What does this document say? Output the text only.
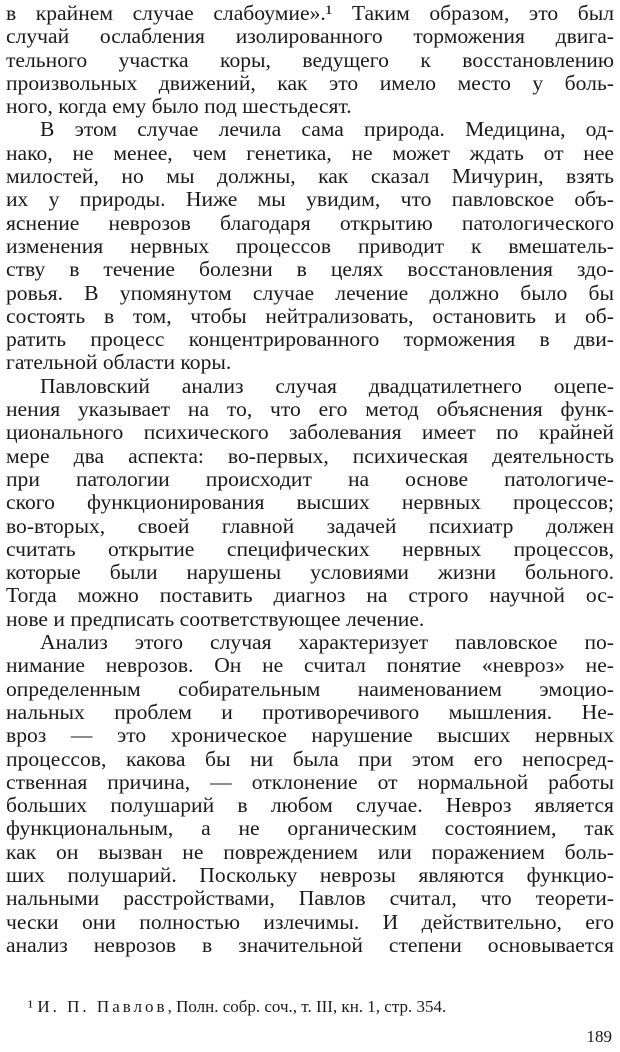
в крайнем случае слабоумие».¹ Таким образом, это был
случай ослабления изолированного торможения двига-
тельного участка коры, ведущего к восстановлению
произвольных движений, как это имело место у боль-
ного, когда ему было под шестьдесят.
В этом случае лечила сама природа. Медицина, од-
нако, не менее, чем генетика, не может ждать от нее
милостей, но мы должны, как сказал Мичурин, взять
их у природы. Ниже мы увидим, что павловское объ-
яснение неврозов благодаря открытию патологического
изменения нервных процессов приводит к вмешатель-
ству в течение болезни в целях восстановления здо-
ровья. В упомянутом случае лечение должно было бы
состоять в том, чтобы нейтрализовать, остановить и об-
ратить процесс концентрированного торможения в дви-
гательной области коры.
Павловский анализ случая двадцатилетнего оцепе-
нения указывает на то, что его метод объяснения функ-
ционального психического заболевания имеет по крайней
мере два аспекта: во-первых, психическая деятельность
при патологии происходит на основе патологиче-
ского функционирования высших нервных процессов;
во-вторых, своей главной задачей психиатр должен
считать открытие специфических нервных процессов,
которые были нарушены условиями жизни больного.
Тогда можно поставить диагноз на строго научной ос-
нове и предписать соответствующее лечение.
Анализ этого случая характеризует павловское по-
нимание неврозов. Он не считал понятие «невроз» не-
определенным собирательным наименованием эмоцио-
нальных проблем и противоречивого мышления. Не-
вроз — это хроническое нарушение высших нервных
процессов, какова бы ни была при этом его непосред-
ственная причина, — отклонение от нормальной работы
больших полушарий в любом случае. Невроз является
функциональным, а не органическим состоянием, так
как он вызван не повреждением или поражением боль-
ших полушарий. Поскольку неврозы являются функцио-
нальными расстройствами, Павлов считал, что теорети-
чески они полностью излечимы. И действительно, его
анализ неврозов в значительной степени основывается
¹ И. П. Павлов, Полн. собр. соч., т. III, кн. 1, стр. 354.
189
